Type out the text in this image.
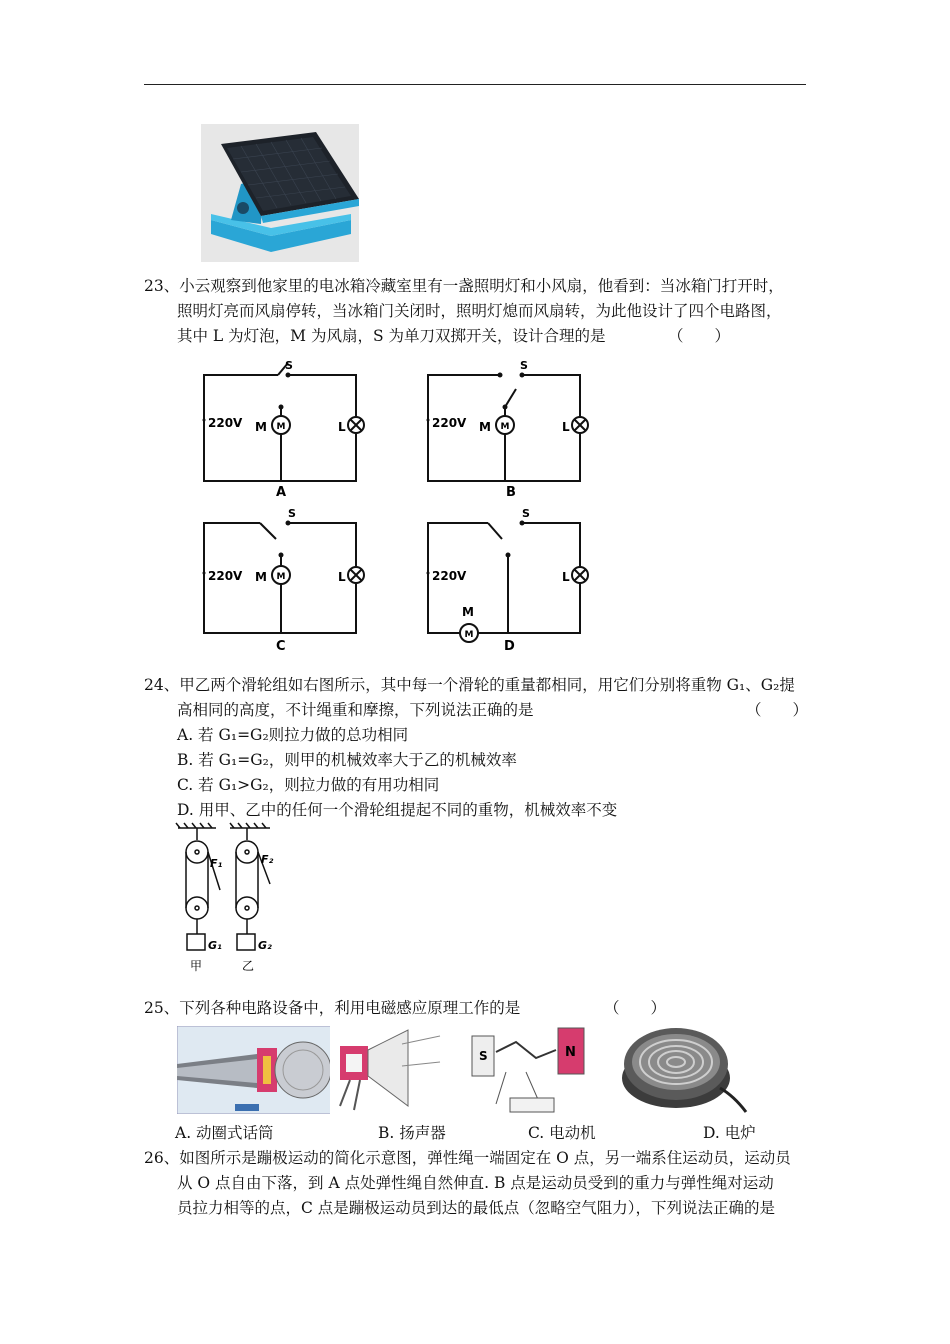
23、小云观察到他家里的电冰箱冷藏室里有一盏照明灯和小风扇，他看到：当冰箱门打开时，
照明灯亮而风扇停转，当冰箱门关闭时，照明灯熄而风扇转，为此他设计了四个电路图，
其中 L 为灯泡，M 为风扇，S 为单刀双掷开关，设计合理的是	（　　）
220V M M	L
S
A
220V M M	L
S
B
220V M M	L
S
C
220V
M
M
L
S
D
24、甲乙两个滑轮组如右图所示，其中每一个滑轮的重量都相同，用它们分别将重物 G₁、G₂提
高相同的高度，不计绳重和摩擦，下列说法正确的是	（　　）
A. 若 G₁=G₂则拉力做的总功相同
B. 若 G₁=G₂，则甲的机械效率大于乙的机械效率
C. 若 G₁>G₂，则拉力做的有用功相同
D. 用甲、乙中的任何一个滑轮组提起不同的重物，机械效率不变
F₁	F₂
G₁	G₂
甲	乙
25、下列各种电路设备中，利用电磁感应原理工作的是	（　　）
S	N
A. 动圈式话筒	B. 扬声器	C. 电动机	D. 电炉
26、如图所示是蹦极运动的简化示意图，弹性绳一端固定在 O 点，另一端系住运动员，运动员
从 O 点自由下落，到 A 点处弹性绳自然伸直. B 点是运动员受到的重力与弹性绳对运动
员拉力相等的点，C 点是蹦极运动员到达的最低点（忽略空气阻力），下列说法正确的是
